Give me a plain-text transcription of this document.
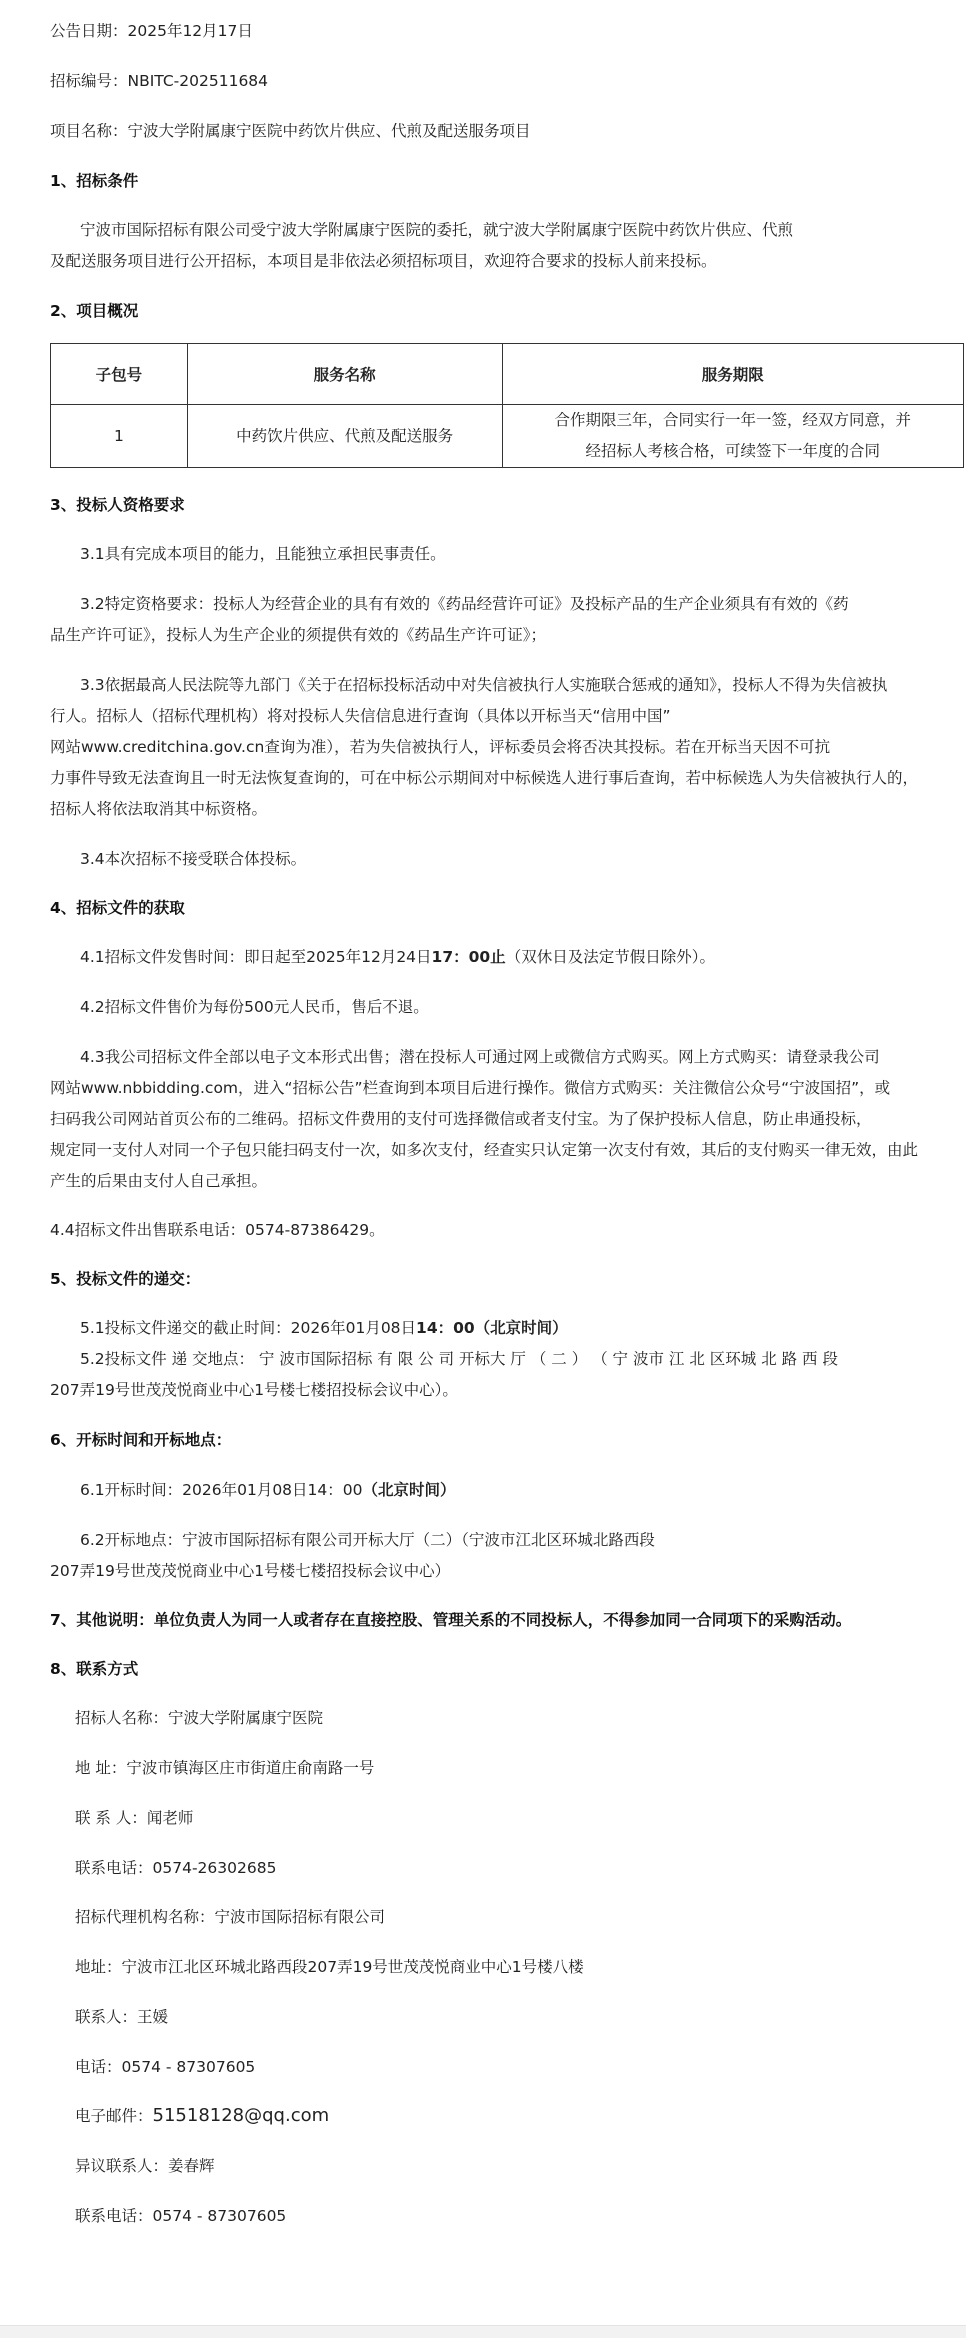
公告日期：2025年12月17日

招标编号：NBITC-202511684

项目名称：宁波大学附属康宁医院中药饮片供应、代煎及配送服务项目

1、招标条件

宁波市国际招标有限公司受宁波大学附属康宁医院的委托，就宁波大学附属康宁医院中药饮片供应、代煎

及配送服务项目进行公开招标，本项目是非依法必须招标项目，欢迎符合要求的投标人前来投标。

2、项目概况

子包号	服务名称	服务期限
1	中药饮片供应、代煎及配送服务	合作期限三年，合同实行一年一签，经双方同意，并
经招标人考核合格，可续签下一年度的合同

3、投标人资格要求

3.1具有完成本项目的能力，且能独立承担民事责任。

3.2特定资格要求：投标人为经营企业的具有有效的《药品经营许可证》及投标产品的生产企业须具有有效的《药

品生产许可证》，投标人为生产企业的须提供有效的《药品生产许可证》；

3.3依据最高人民法院等九部门《关于在招标投标活动中对失信被执行人实施联合惩戒的通知》，投标人不得为失信被执

行人。招标人（招标代理机构）将对投标人失信信息进行查询（具体以开标当天“信用中国”

网站www.creditchina.gov.cn查询为准），若为失信被执行人，评标委员会将否决其投标。若在开标当天因不可抗

力事件导致无法查询且一时无法恢复查询的，可在中标公示期间对中标候选人进行事后查询，若中标候选人为失信被执行人的，

招标人将依法取消其中标资格。

3.4本次招标不接受联合体投标。

4、招标文件的获取

4.1招标文件发售时间：即日起至2025年12月24日17：00止（双休日及法定节假日除外）。

4.2招标文件售价为每份500元人民币，售后不退。

4.3我公司招标文件全部以电子文本形式出售；潜在投标人可通过网上或微信方式购买。网上方式购买：请登录我公司

网站www.nbbidding.com，进入“招标公告”栏查询到本项目后进行操作。微信方式购买：关注微信公众号“宁波国招”，或

扫码我公司网站首页公布的二维码。招标文件费用的支付可选择微信或者支付宝。为了保护投标人信息，防止串通投标，

规定同一支付人对同一个子包只能扫码支付一次，如多次支付，经查实只认定第一次支付有效，其后的支付购买一律无效，由此

产生的后果由支付人自己承担。

4.4招标文件出售联系电话：0574-87386429。

5、投标文件的递交：

5.1投标文件递交的截止时间：2026年01月08日14：00（北京时间）

5.2投标文件 递 交地点： 宁 波市国际招标 有 限 公 司 开标大 厅 （ 二 ） （ 宁 波市 江 北 区环城 北 路 西 段

207弄19号世茂茂悦商业中心1号楼七楼招投标会议中心）。

6、开标时间和开标地点：

6.1开标时间：2026年01月08日14：00（北京时间）

6.2开标地点：宁波市国际招标有限公司开标大厅（二）（宁波市江北区环城北路西段

207弄19号世茂茂悦商业中心1号楼七楼招投标会议中心）

7、其他说明：单位负责人为同一人或者存在直接控股、管理关系的不同投标人，不得参加同一合同项下的采购活动。

8、联系方式

招标人名称：宁波大学附属康宁医院

地 址：宁波市镇海区庄市街道庄俞南路一号

联 系 人：闻老师

联系电话：0574-26302685

招标代理机构名称：宁波市国际招标有限公司

地址：宁波市江北区环城北路西段207弄19号世茂茂悦商业中心1号楼八楼

联系人：王媛

电话：0574 - 87307605

电子邮件：51518128@qq.com

异议联系人：姜春辉

联系电话：0574 - 87307605
